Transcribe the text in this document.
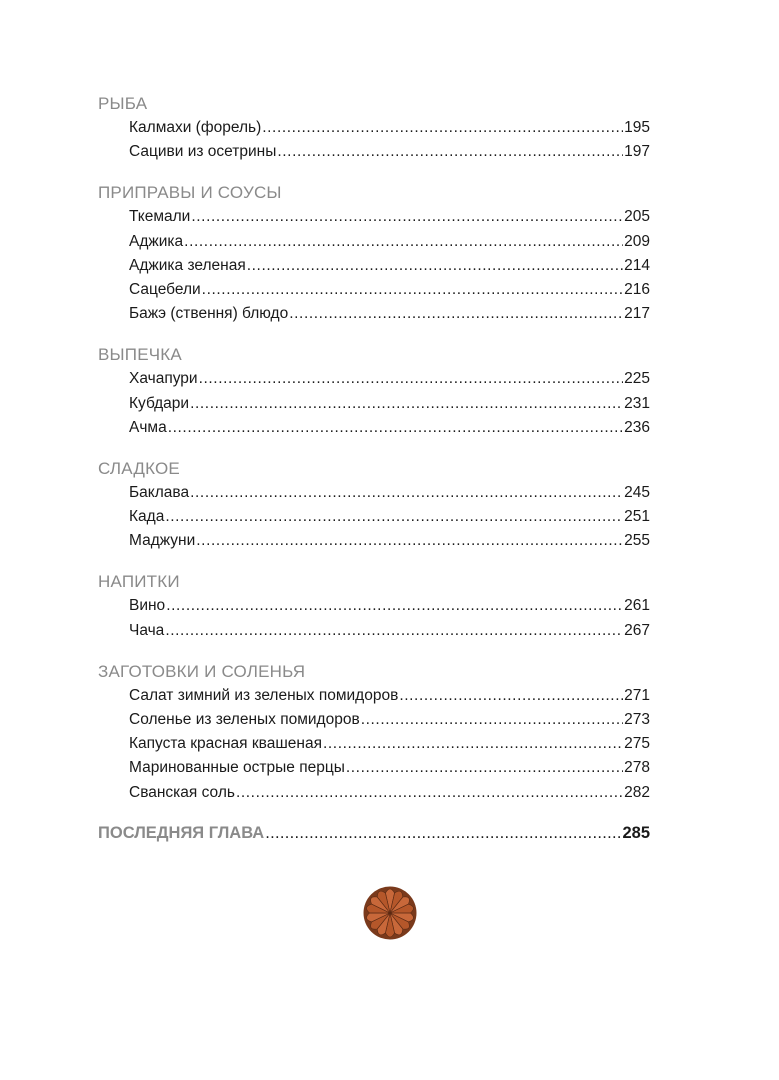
РЫБА
Калмахи (форель) .....	195
Сациви из осетрины .....	197
ПРИПРАВЫ И СОУСЫ
Ткемали .....	205
Аджика .....	209
Аджика зеленая .....	214
Сацебели .....	216
Бажэ (ствення) блюдо .....	217
ВЫПЕЧКА
Хачапури .....	225
Кубдари .....	231
Ачма .....	236
СЛАДКОЕ
Баклава .....	245
Када .....	251
Маджуни .....	255
НАПИТКИ
Вино .....	261
Чача .....	267
ЗАГОТОВКИ И СОЛЕНЬЯ
Салат зимний из зеленых помидоров .....	271
Соленье из зеленых помидоров .....	273
Капуста красная квашеная .....	275
Маринованные острые перцы .....	278
Сванская соль .....	282
ПОСЛЕДНЯЯ ГЛАВА .....	285
